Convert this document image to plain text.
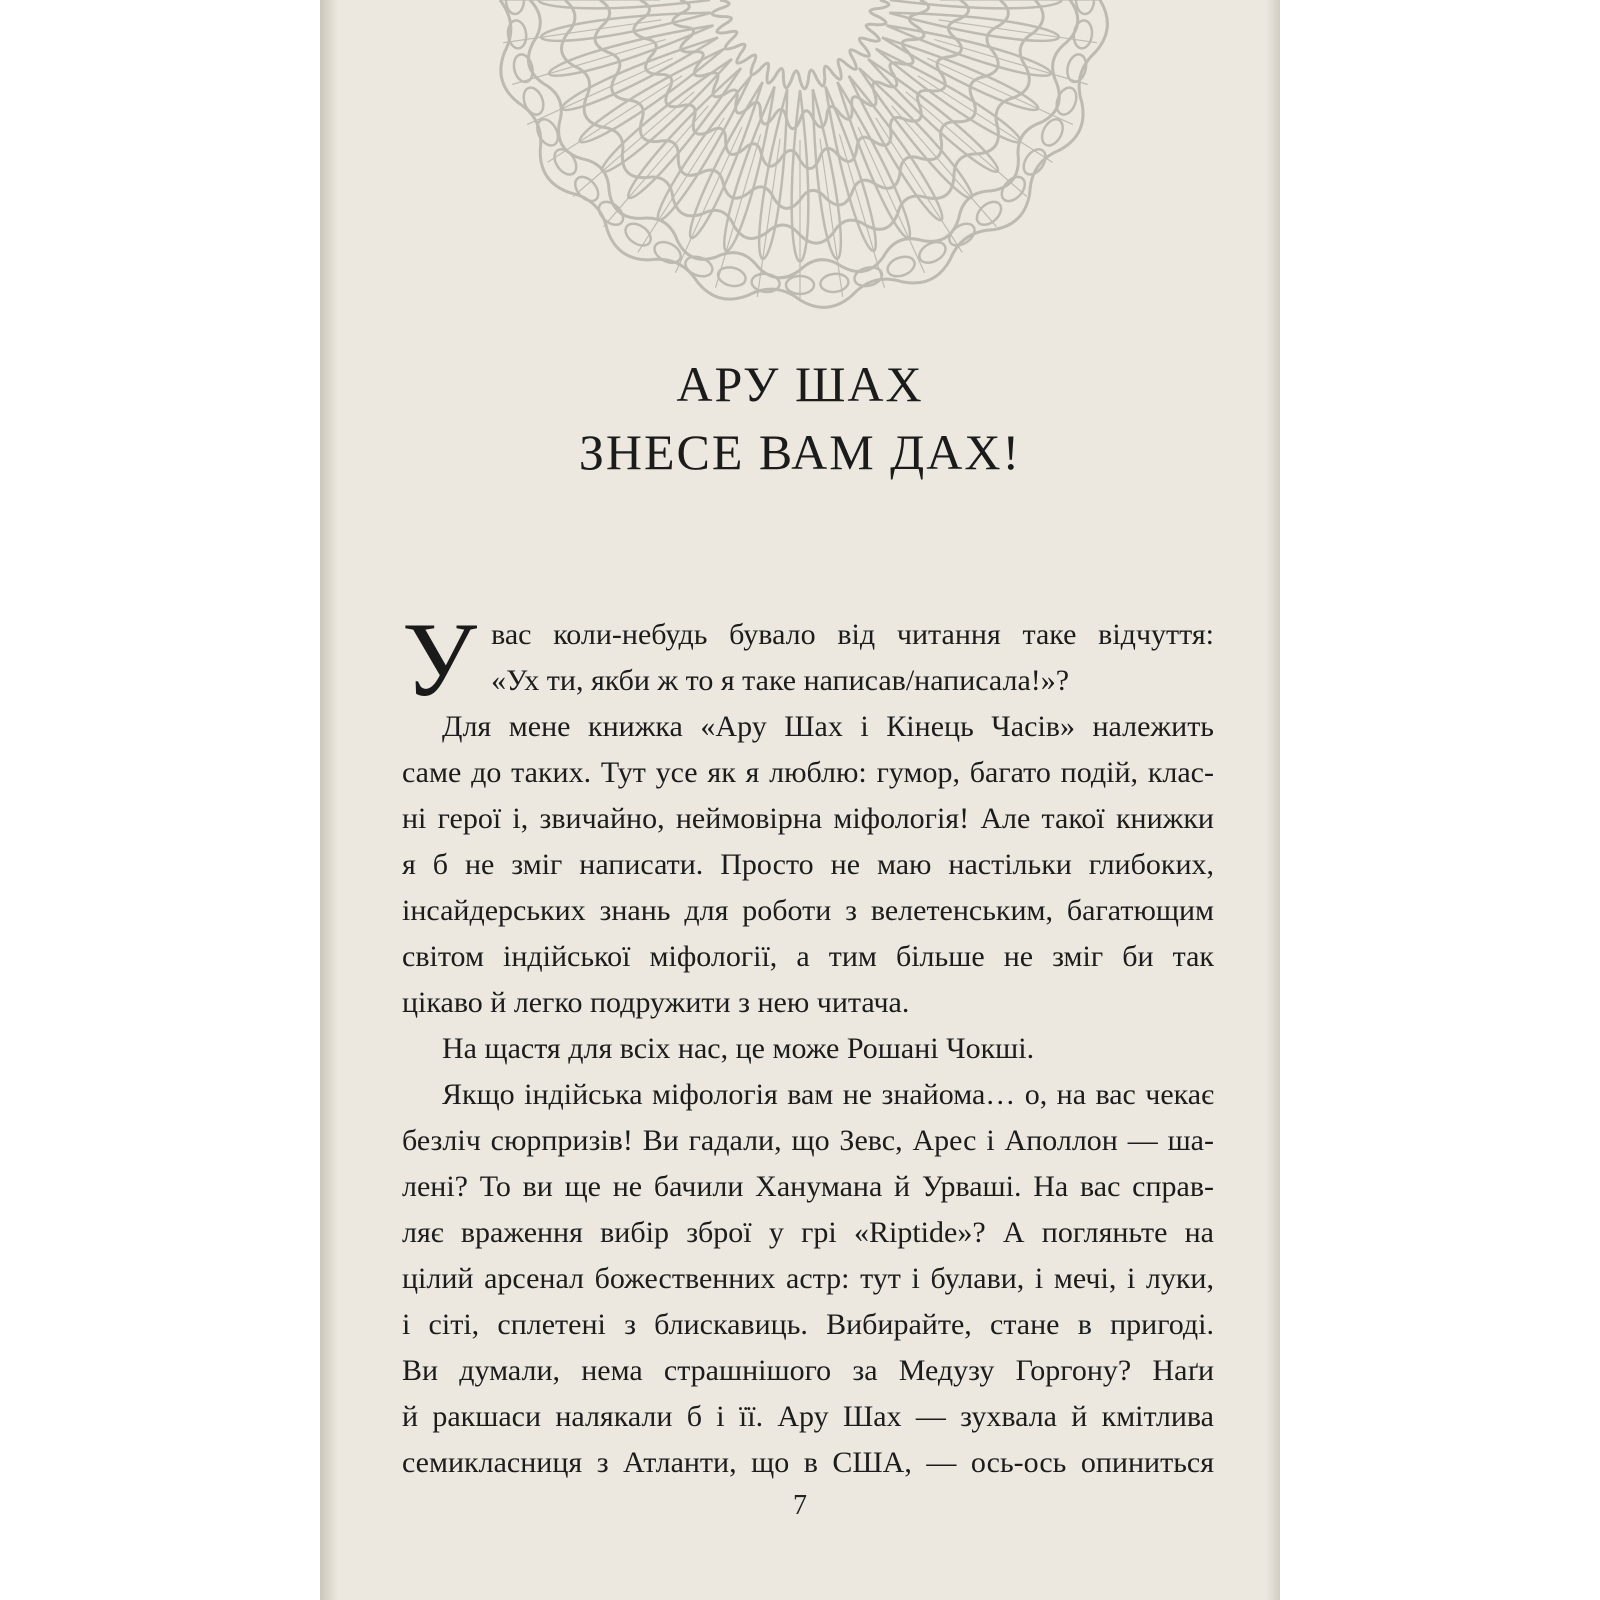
АРУ ШАХ
ЗНЕСЕ ВАМ ДАХ!

У вас коли-небудь бувало від читання таке відчуття:
«Ух ти, якби ж то я таке написав/написала!»?

Для мене книжка «Ару Шах і Кінець Часів» належить
саме до таких. Тут усе як я люблю: гумор, багато подій, клас-
ні герої і, звичайно, неймовірна міфологія! Але такої книжки
я б не зміг написати. Просто не маю настільки глибоких,
інсайдерських знань для роботи з велетенським, багатющим
світом індійської міфології, а тим більше не зміг би так
цікаво й легко подружити з нею читача.

На щастя для всіх нас, це може Рошані Чокші.

Якщо індійська міфологія вам не знайома… о, на вас чекає
безліч сюрпризів! Ви гадали, що Зевс, Арес і Аполлон — ша-
лені? То ви ще не бачили Ханумана й Урваші. На вас справ-
ляє враження вибір зброї у грі «Riptide»? А погляньте на
цілий арсенал божественних астр: тут і булави, і мечі, і луки,
і сіті, сплетені з блискавиць. Вибирайте, стане в пригоді.
Ви думали, нема страшнішого за Медузу Горгону? Наґи
й ракшаси налякали б і її. Ару Шах — зухвала й кмітлива
семикласниця з Атланти, що в США, — ось-ось опиниться

7
